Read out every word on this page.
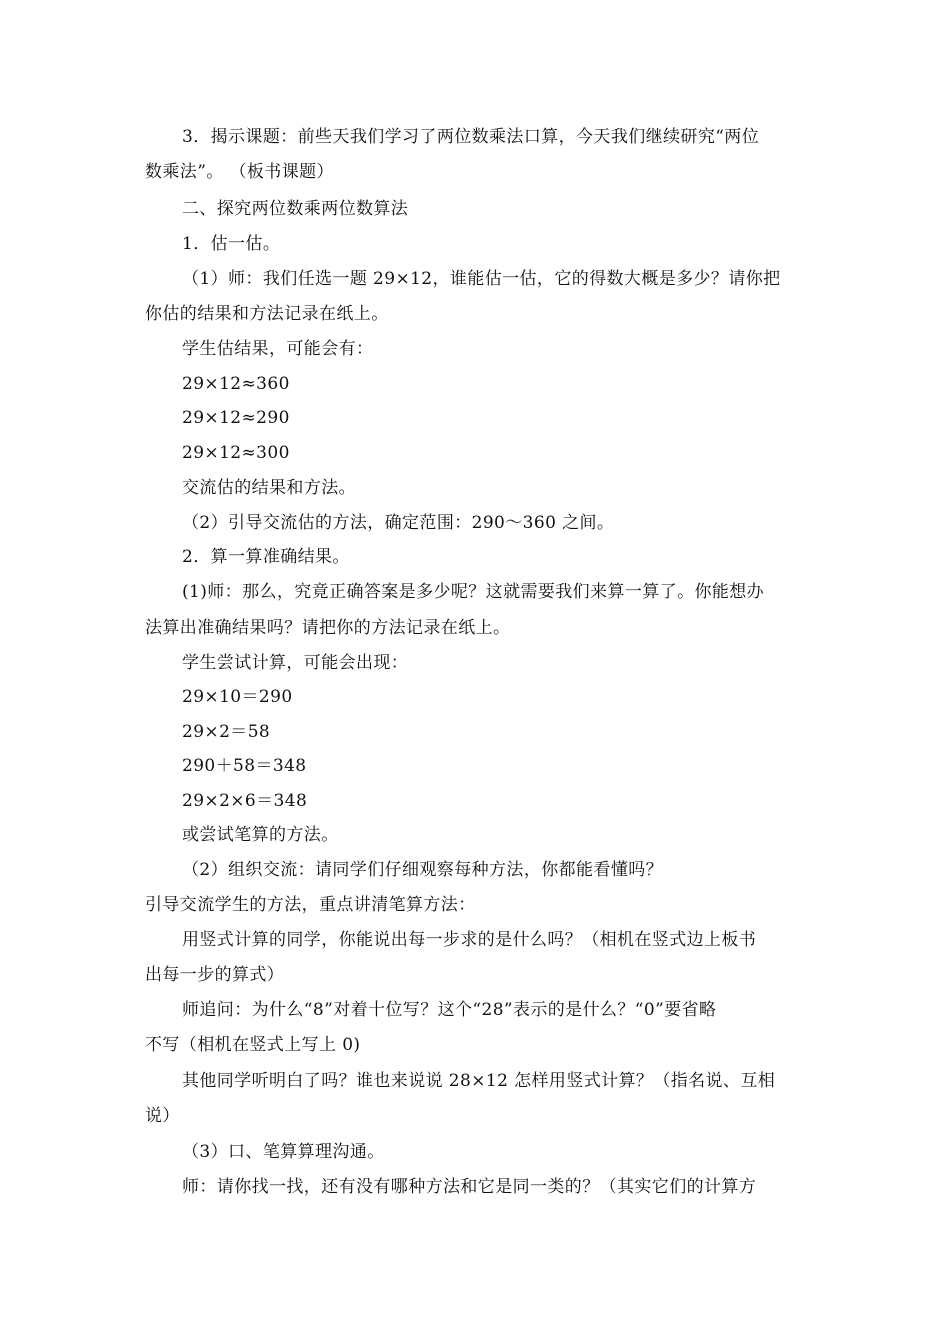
3．揭示课题：前些天我们学习了两位数乘法口算，今天我们继续研究“两位
数乘法”。 （板书课题）
二、探究两位数乘两位数算法
1．估一估。
（1）师：我们任选一题 29×12，谁能估一估，它的得数大概是多少？请你把
你估的结果和方法记录在纸上。
学生估结果，可能会有：
29×12≈360
29×12≈290
29×12≈300
交流估的结果和方法。
（2）引导交流估的方法，确定范围：290～360 之间。
2．算一算准确结果。
(1)师：那么，究竟正确答案是多少呢？这就需要我们来算一算了。你能想办
法算出准确结果吗？请把你的方法记录在纸上。
学生尝试计算，可能会出现：
29×10＝290
29×2＝58
290＋58＝348
29×2×6＝348
或尝试笔算的方法。
（2）组织交流：请同学们仔细观察每种方法，你都能看懂吗？
引导交流学生的方法，重点讲清笔算方法：
用竖式计算的同学，你能说出每一步求的是什么吗？（相机在竖式边上板书
出每一步的算式）
师追问：为什么“8”对着十位写？这个“28”表示的是什么？“0”要省略
不写（相机在竖式上写上 0)
其他同学听明白了吗？谁也来说说 28×12 怎样用竖式计算？（指名说、互相
说）
（3）口、笔算算理沟通。
师：请你找一找，还有没有哪种方法和它是同一类的？（其实它们的计算方
